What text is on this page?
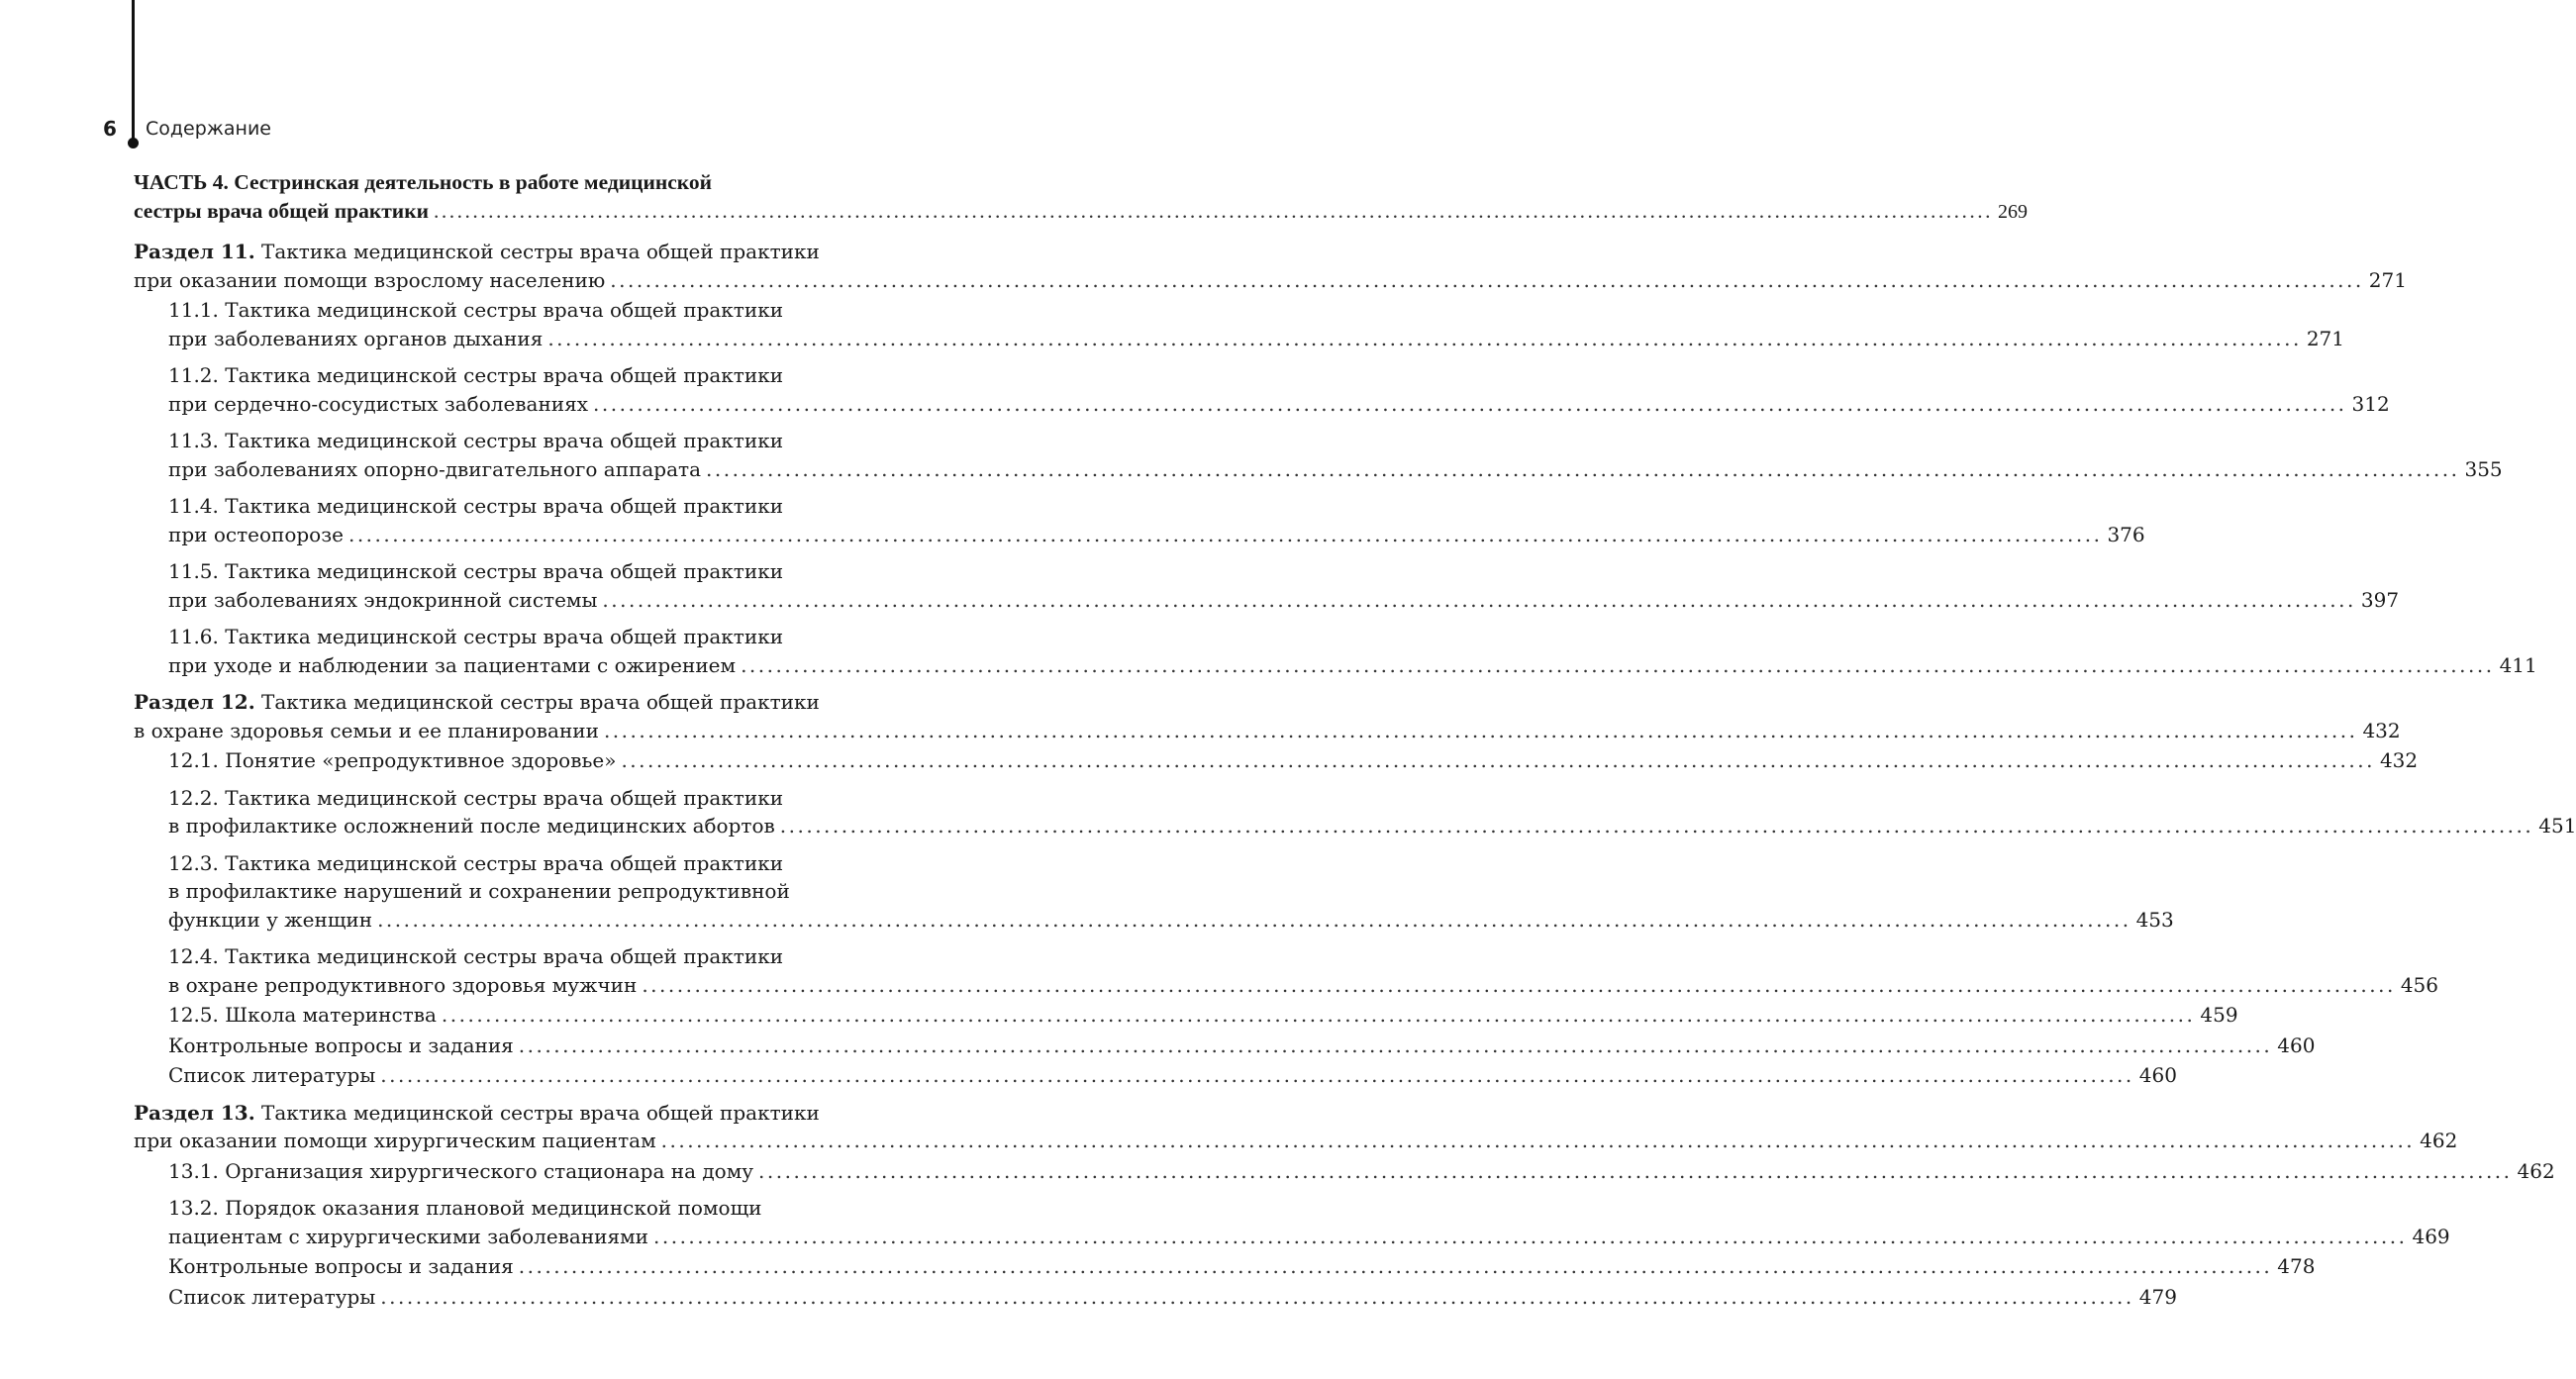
6 Содержание
ЧАСТЬ 4. Сестринская деятельность в работе медицинской
сестры врача общей практики ........................................................................................................................................................................................................ 269
Раздел 11. Тактика медицинской сестры врача общей практики
при оказании помощи взрослому населению ........................................................................................................................................................................................................ 271
11.1. Тактика медицинской сестры врача общей практики
при заболеваниях органов дыхания ........................................................................................................................................................................................................ 271
11.2. Тактика медицинской сестры врача общей практики
при сердечно-сосудистых заболеваниях ........................................................................................................................................................................................................ 312
11.3. Тактика медицинской сестры врача общей практики
при заболеваниях опорно-двигательного аппарата ........................................................................................................................................................................................................ 355
11.4. Тактика медицинской сестры врача общей практики
при остеопорозе ........................................................................................................................................................................................................ 376
11.5. Тактика медицинской сестры врача общей практики
при заболеваниях эндокринной системы ........................................................................................................................................................................................................ 397
11.6. Тактика медицинской сестры врача общей практики
при уходе и наблюдении за пациентами с ожирением ........................................................................................................................................................................................................ 411
Раздел 12. Тактика медицинской сестры врача общей практики
в охране здоровья семьи и ее планировании ........................................................................................................................................................................................................ 432
12.1. Понятие «репродуктивное здоровье» ........................................................................................................................................................................................................ 432
12.2. Тактика медицинской сестры врача общей практики
в профилактике осложнений после медицинских абортов ........................................................................................................................................................................................................ 451
12.3. Тактика медицинской сестры врача общей практики
в профилактике нарушений и сохранении репродуктивной
функции у женщин ........................................................................................................................................................................................................ 453
12.4. Тактика медицинской сестры врача общей практики
в охране репродуктивного здоровья мужчин ........................................................................................................................................................................................................ 456
12.5. Школа материнства ........................................................................................................................................................................................................ 459
Контрольные вопросы и задания ........................................................................................................................................................................................................ 460
Список литературы ........................................................................................................................................................................................................ 460
Раздел 13. Тактика медицинской сестры врача общей практики
при оказании помощи хирургическим пациентам ........................................................................................................................................................................................................ 462
13.1. Организация хирургического стационара на дому ........................................................................................................................................................................................................ 462
13.2. Порядок оказания плановой медицинской помощи
пациентам с хирургическими заболеваниями ........................................................................................................................................................................................................ 469
Контрольные вопросы и задания ........................................................................................................................................................................................................ 478
Список литературы ........................................................................................................................................................................................................ 479
